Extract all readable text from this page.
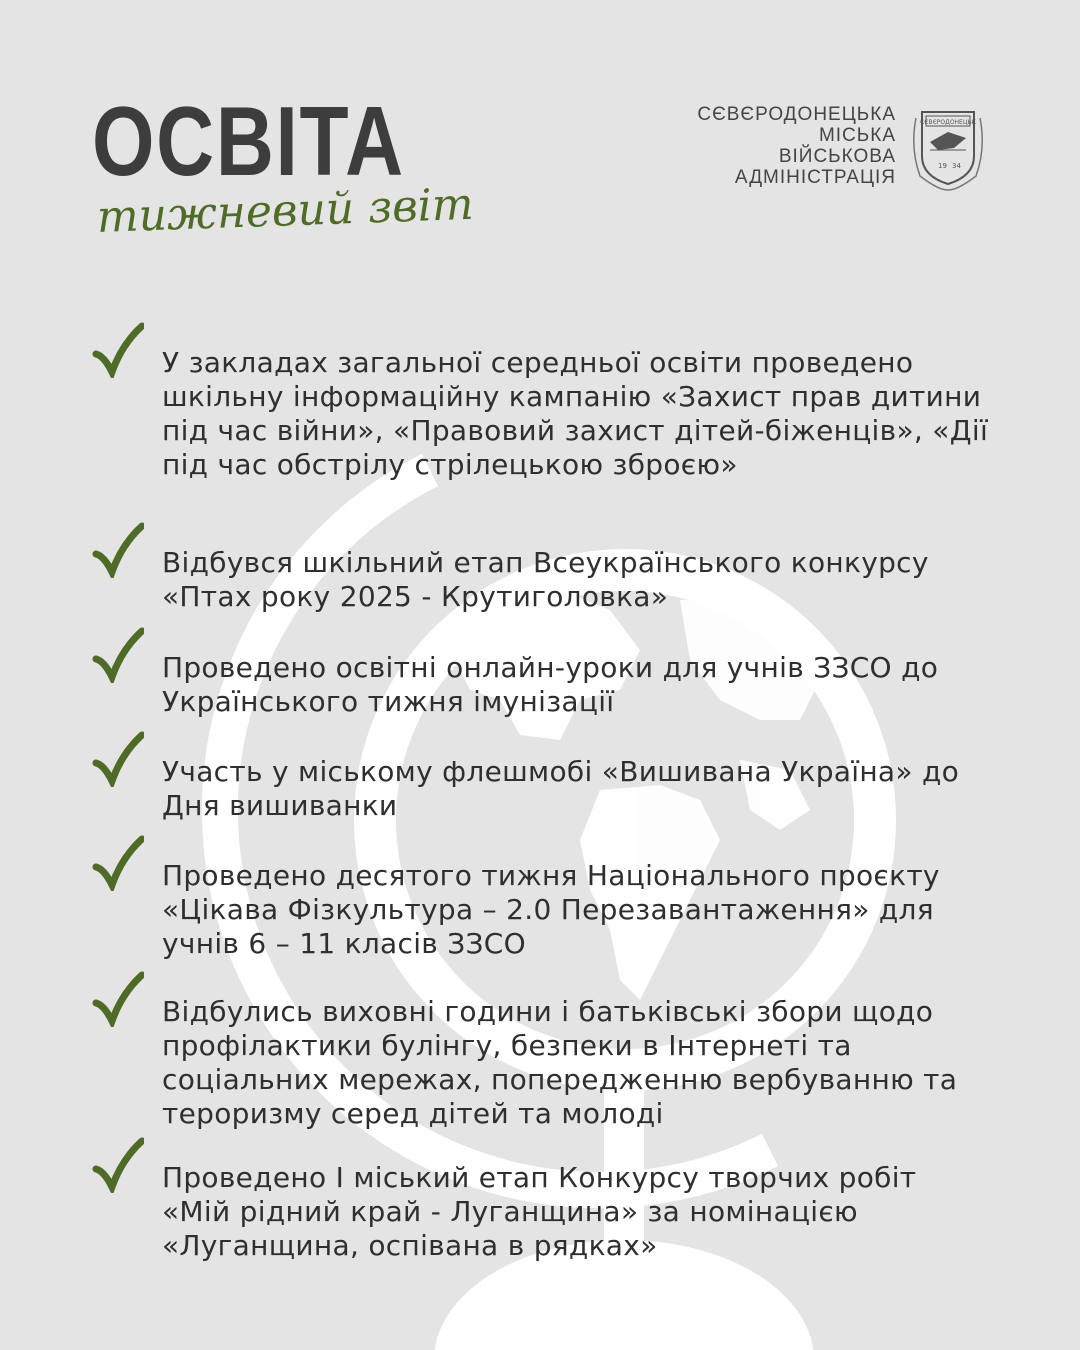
ОСВІТА
тижневий звіт
СЄВЄРОДОНЕЦЬКА
МІСЬКА
ВІЙСЬКОВА
АДМІНІСТРАЦІЯ
СЄВЄРОДОНЕЦЬК
19 34
У закладах загальної середньої освіти проведено шкільну інформаційну кампанію «Захист прав дитини під час війни», «Правовий захист дітей-біженців», «Дії під час обстрілу стрілецькою зброєю»
Відбувся шкільний етап Всеукраїнського конкурсу «Птах року 2025 - Крутиголовка»
Проведено освітні онлайн-уроки для учнів ЗЗСО до Українського тижня імунізації
Участь у міському флешмобі «Вишивана Україна» до Дня вишиванки
Проведено десятого тижня Національного проєкту «Цікава Фізкультура – 2.0 Перезавантаження» для учнів 6 – 11 класів ЗЗСО
Відбулись виховні години і батьківські збори щодо профілактики булінгу, безпеки в Інтернеті та соціальних мережах, попередженню вербуванню та тероризму серед дітей та молоді
Проведено І міський етап Конкурсу творчих робіт «Мій рідний край - Луганщина» за номінацією «Луганщина, оспівана в рядках»
